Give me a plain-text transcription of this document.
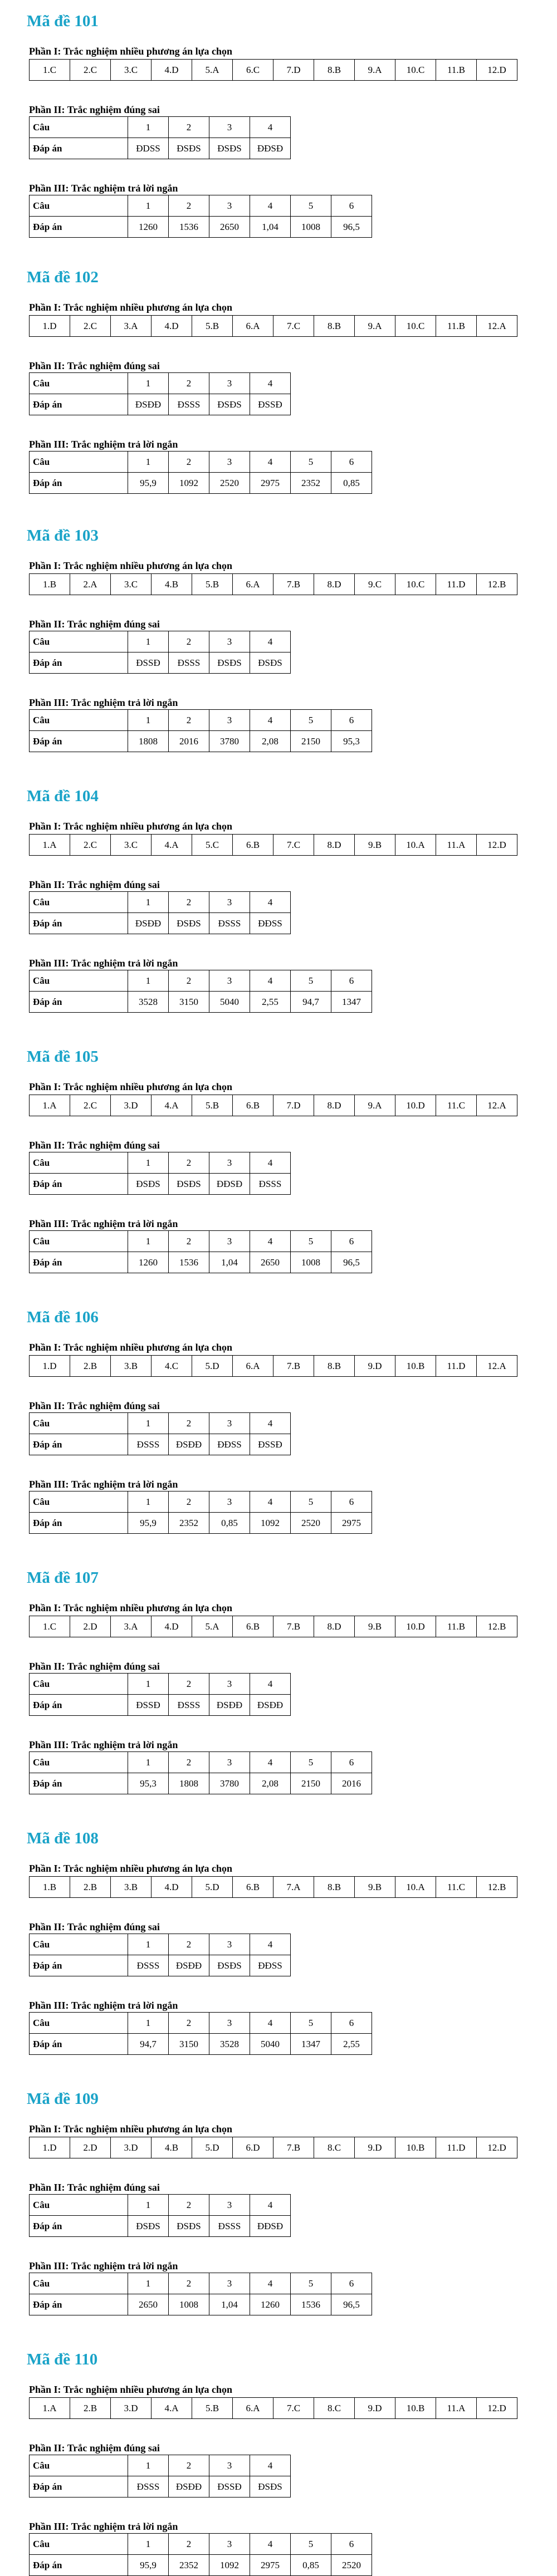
Mã đề 101
Phần I: Trắc nghiệm nhiều phương án lựa chọn
1.C	2.C	3.C	4.D	5.A	6.C	7.D	8.B	9.A	10.C	11.B	12.D
Phần II: Trắc nghiệm đúng sai
Câu	1	2	3	4
Đáp án	ĐDSS	ĐSĐS	ĐSĐS	ĐĐSĐ
Phần III: Trắc nghiệm trả lời ngắn
Câu	1	2	3	4	5	6
Đáp án	1260	1536	2650	1,04	1008	96,5
Mã đề 102
Phần I: Trắc nghiệm nhiều phương án lựa chọn
1.D	2.C	3.A	4.D	5.B	6.A	7.C	8.B	9.A	10.C	11.B	12.A
Phần II: Trắc nghiệm đúng sai
Câu	1	2	3	4
Đáp án	ĐSĐĐ	ĐSSS	ĐSĐS	ĐSSĐ
Phần III: Trắc nghiệm trả lời ngắn
Câu	1	2	3	4	5	6
Đáp án	95,9	1092	2520	2975	2352	0,85
Mã đề 103
Phần I: Trắc nghiệm nhiều phương án lựa chọn
1.B	2.A	3.C	4.B	5.B	6.A	7.B	8.D	9.C	10.C	11.D	12.B
Phần II: Trắc nghiệm đúng sai
Câu	1	2	3	4
Đáp án	ĐSSĐ	ĐSSS	ĐSĐS	ĐSĐS
Phần III: Trắc nghiệm trả lời ngắn
Câu	1	2	3	4	5	6
Đáp án	1808	2016	3780	2,08	2150	95,3
Mã đề 104
Phần I: Trắc nghiệm nhiều phương án lựa chọn
1.A	2.C	3.C	4.A	5.C	6.B	7.C	8.D	9.B	10.A	11.A	12.D
Phần II: Trắc nghiệm đúng sai
Câu	1	2	3	4
Đáp án	ĐSĐĐ	ĐSĐS	ĐSSS	ĐĐSS
Phần III: Trắc nghiệm trả lời ngắn
Câu	1	2	3	4	5	6
Đáp án	3528	3150	5040	2,55	94,7	1347
Mã đề 105
Phần I: Trắc nghiệm nhiều phương án lựa chọn
1.A	2.C	3.D	4.A	5.B	6.B	7.D	8.D	9.A	10.D	11.C	12.A
Phần II: Trắc nghiệm đúng sai
Câu	1	2	3	4
Đáp án	ĐSĐS	ĐSĐS	ĐĐSĐ	ĐSSS
Phần III: Trắc nghiệm trả lời ngắn
Câu	1	2	3	4	5	6
Đáp án	1260	1536	1,04	2650	1008	96,5
Mã đề 106
Phần I: Trắc nghiệm nhiều phương án lựa chọn
1.D	2.B	3.B	4.C	5.D	6.A	7.B	8.B	9.D	10.B	11.D	12.A
Phần II: Trắc nghiệm đúng sai
Câu	1	2	3	4
Đáp án	ĐSSS	ĐSĐĐ	ĐĐSS	ĐSSĐ
Phần III: Trắc nghiệm trả lời ngắn
Câu	1	2	3	4	5	6
Đáp án	95,9	2352	0,85	1092	2520	2975
Mã đề 107
Phần I: Trắc nghiệm nhiều phương án lựa chọn
1.C	2.D	3.A	4.D	5.A	6.B	7.B	8.D	9.B	10.D	11.B	12.B
Phần II: Trắc nghiệm đúng sai
Câu	1	2	3	4
Đáp án	ĐSSĐ	ĐSSS	ĐSĐĐ	ĐSĐĐ
Phần III: Trắc nghiệm trả lời ngắn
Câu	1	2	3	4	5	6
Đáp án	95,3	1808	3780	2,08	2150	2016
Mã đề 108
Phần I: Trắc nghiệm nhiều phương án lựa chọn
1.B	2.B	3.B	4.D	5.D	6.B	7.A	8.B	9.B	10.A	11.C	12.B
Phần II: Trắc nghiệm đúng sai
Câu	1	2	3	4
Đáp án	ĐSSS	ĐSĐĐ	ĐSĐS	ĐĐSS
Phần III: Trắc nghiệm trả lời ngắn
Câu	1	2	3	4	5	6
Đáp án	94,7	3150	3528	5040	1347	2,55
Mã đề 109
Phần I: Trắc nghiệm nhiều phương án lựa chọn
1.D	2.D	3.D	4.B	5.D	6.D	7.B	8.C	9.D	10.B	11.D	12.D
Phần II: Trắc nghiệm đúng sai
Câu	1	2	3	4
Đáp án	ĐSĐS	ĐSĐS	ĐSSS	ĐĐSĐ
Phần III: Trắc nghiệm trả lời ngắn
Câu	1	2	3	4	5	6
Đáp án	2650	1008	1,04	1260	1536	96,5
Mã đề 110
Phần I: Trắc nghiệm nhiều phương án lựa chọn
1.A	2.B	3.D	4.A	5.B	6.A	7.C	8.C	9.D	10.B	11.A	12.D
Phần II: Trắc nghiệm đúng sai
Câu	1	2	3	4
Đáp án	ĐSSS	ĐSĐĐ	ĐSSĐ	ĐSĐS
Phần III: Trắc nghiệm trả lời ngắn
Câu	1	2	3	4	5	6
Đáp án	95,9	2352	1092	2975	0,85	2520
